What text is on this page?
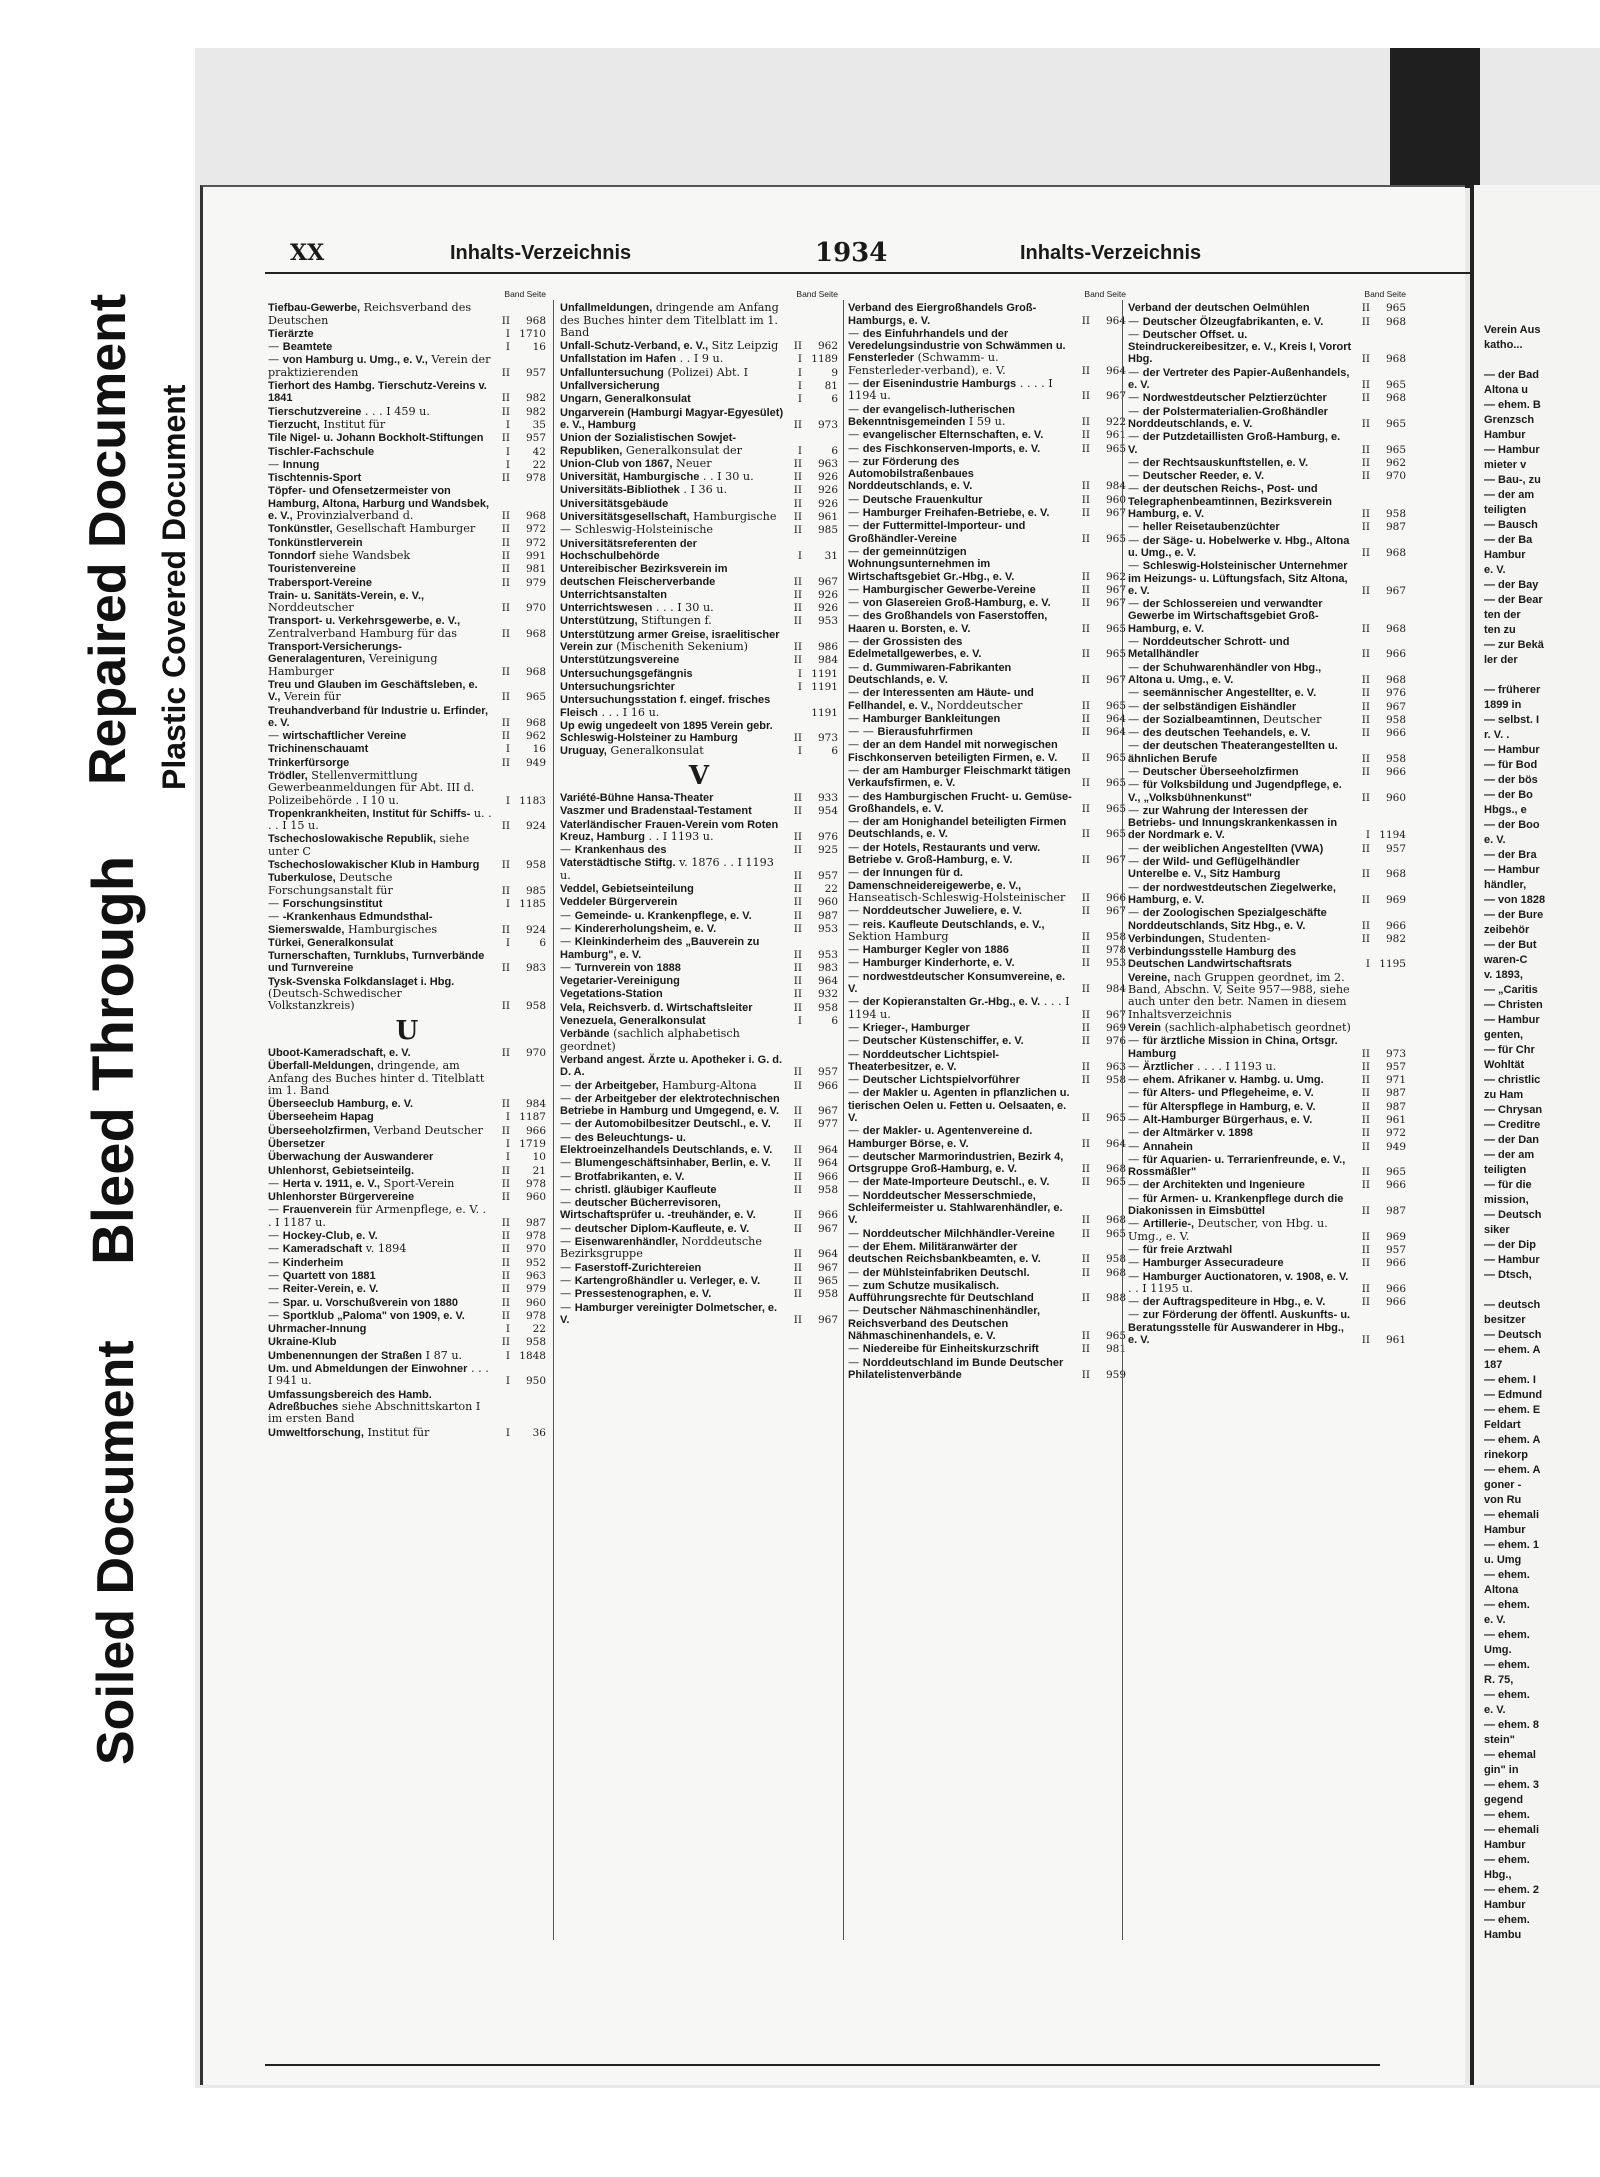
Soiled Document
Bleed Through
Repaired Document Plastic Covered Document
XX	Inhalts-Verzeichnis	1934	Inhalts-Verzeichnis
Band Seite
Tiefbau-Gewerbe, Reichsverband des Deutschen	II	968
Tierärzte	I 1710
— Beamtete	I	16
— von Hamburg u. Umg., e. V., Verein der praktizierenden	II	957
Tierhort des Hambg. Tierschutz-Vereins v. 1841	II	982
Tierschutzvereine . . . I 459 u.	II	982
Tierzucht, Institut für	I	35
Tile Nigel- u. Johann Bockholt-Stiftungen	II	957
Tischler-Fachschule	I	42
— Innung	I	22
Tischtennis-Sport	II	978
Töpfer- und Ofensetzermeister von Hamburg, Altona, Harburg und Wandsbek, e. V., Provinzialverband d.	II	968
Tonkünstler, Gesellschaft Hamburger	II	972
Tonkünstlerverein	II	972
Tonndorf siehe Wandsbek	II	991
Touristenvereine	II	981
Trabersport-Vereine	II	979
Train- u. Sanitäts-Verein, e. V., Norddeutscher	II	970
Transport- u. Verkehrsgewerbe, e. V., Zentralverband Hamburg für das	II	968
Transport-Versicherungs-Generalagenturen, Vereinigung Hamburger	II	968
Treu und Glauben im Geschäftsleben, e. V., Verein für	II	965
Treuhandverband für Industrie u. Erfinder, e. V.	II	968
— wirtschaftlicher Vereine	II	962
Trichinenschauamt	I	16
Trinkerfürsorge	II	949
Trödler, Stellenvermittlung Gewerbeanmeldungen für Abt. III d. Polizeibehörde . I 10 u.	I 1183
Tropenkrankheiten, Institut für Schiffs- u. . . . I 15 u.	II	924
Tschechoslowakische Republik, siehe unter C
Tschechoslowakischer Klub in Hamburg	II	958
Tuberkulose, Deutsche Forschungsanstalt für	II	985
— Forschungsinstitut	I 1185
— -Krankenhaus Edmundsthal-Siemerswalde, Hamburgisches	II	924
Türkei, Generalkonsulat	I	6
Turnerschaften, Turnklubs, Turnverbände und Turnvereine	II	983
Tysk-Svenska Folkdanslaget i. Hbg. (Deutsch-Schwedischer Volkstanzkreis)	II	958
U
Uboot-Kameradschaft, e. V.	II	970
Überfall-Meldungen, dringende, am Anfang des Buches hinter d. Titelblatt im 1. Band
Überseeclub Hamburg, e. V.	II	984
Überseeheim Hapag	I 1187
Überseeholzfirmen, Verband Deutscher	II	966
Übersetzer	I 1719
Überwachung der Auswanderer	I	10
Uhlenhorst, Gebietseinteilg.	II	21
— Herta v. 1911, e. V., Sport-Verein	II	978
Uhlenhorster Bürgervereine	II	960
— Frauenverein für Armenpflege, e. V. . . I 1187 u.	II	987
— Hockey-Club, e. V.	II	978
— Kameradschaft v. 1894	II	970
— Kinderheim	II	952
— Quartett von 1881	II	963
— Reiter-Verein, e. V.	II	979
— Spar. u. Vorschußverein von 1880	II	960
— Sportklub „Paloma" von 1909, e. V.	II	978
Uhrmacher-Innung	I	22
Ukraine-Klub	II	958
Umbenennungen der Straßen I 87 u.	I 1848
Um. und Abmeldungen der Einwohner . . . I 941 u.	I	950
Umfassungsbereich des Hamb. Adreßbuches siehe Abschnittskarton I im ersten Band
Umweltforschung, Institut für	I	36
Band Seite
Unfallmeldungen, dringende am Anfang des Buches hinter dem Titelblatt im 1. Band
Unfall-Schutz-Verband, e. V., Sitz Leipzig	II	962
Unfallstation im Hafen . . I 9 u.	I 1189
Unfalluntersuchung (Polizei) Abt. I	I	9
Unfallversicherung	I	81
Ungarn, Generalkonsulat	I	6
Ungarverein (Hamburgi Magyar-Egyesület) e. V., Hamburg	II	973
Union der Sozialistischen Sowjet-Republiken, Generalkonsulat der	I	6
Union-Club von 1867, Neuer	II	963
Universität, Hamburgische . . I 30 u.	II	926
Universitäts-Bibliothek . I 36 u.	II	926
Universitätsgebäude	II	926
Universitätsgesellschaft, Hamburgische	II	961
— Schleswig-Holsteinische	II	985
Universitätsreferenten der Hochschulbehörde	I	31
Untereibischer Bezirksverein im deutschen Fleischerverbande	II	967
Unterrichtsanstalten	II	926
Unterrichtswesen . . . I 30 u.	II	926
Unterstützung, Stiftungen f.	II	953
Unterstützung armer Greise, israelitischer Verein zur (Mischenith Sekenium)	II	986
Unterstützungsvereine	II	984
Untersuchungsgefängnis	I 1191
Untersuchungsrichter	I 1191
Untersuchungsstation f. eingef. frisches Fleisch . . . I 16 u.	1191
Up ewig ungedeelt von 1895 Verein gebr. Schleswig-Holsteiner zu Hamburg	II	973
Uruguay, Generalkonsulat	I	6
V
Variété-Bühne Hansa-Theater	II	933
Vaszmer und Bradenstaal-Testament	II	954
Vaterländischer Frauen-Verein vom Roten Kreuz, Hamburg . . I 1193 u.	II	976
— Krankenhaus des	II	925
Vaterstädtische Stiftg. v. 1876 . . I 1193 u.	II	957
Veddel, Gebietseinteilung	II	22
Veddeler Bürgerverein	II	960
— Gemeinde- u. Krankenpflege, e. V.	II	987
— Kindererholungsheim, e. V.	II	953
— Kleinkinderheim des „Bauverein zu Hamburg", e. V.	II	953
— Turnverein von 1888	II	983
Vegetarier-Vereinigung	II	964
Vegetations-Station	II	932
Vela, Reichsverb. d. Wirtschaftsleiter	II	958
Venezuela, Generalkonsulat	I	6
Verbände (sachlich alphabetisch geordnet)
Verband angest. Ärzte u. Apotheker i. G. d. D. A.	II	957
— der Arbeitgeber, Hamburg-Altona	II	966
— der Arbeitgeber der elektrotechnischen Betriebe in Hamburg und Umgegend, e. V.	II	967
— der Automobilbesitzer Deutschl., e. V.	II	977
— des Beleuchtungs- u. Elektroeinzelhandels Deutschlands, e. V.	II	964
— Blumengeschäftsinhaber, Berlin, e. V.	II	964
— Brotfabrikanten, e. V.	II	966
— christl. gläubiger Kaufleute	II	958
— deutscher Bücherrevisoren, Wirtschaftsprüfer u. -treuhänder, e. V.	II	966
— deutscher Diplom-Kaufleute, e. V.	II	967
— Eisenwarenhändler, Norddeutsche Bezirksgruppe	II	964
— Faserstoff-Zurichtereien	II	967
— Kartengroßhändler u. Verleger, e. V.	II	965
— Pressestenographen, e. V.	II	958
— Hamburger vereinigter Dolmetscher, e. V.	II	967
Band Seite
Verband des Eiergroßhandels Groß-Hamburgs, e. V.	II	964
— des Einfuhrhandels und der Veredelungsindustrie von Schwämmen u. Fensterleder (Schwamm- u. Fensterleder-verband), e. V.	II	964
— der Eisenindustrie Hamburgs . . . . I 1194 u.	II	967
— der evangelisch-lutherischen Bekenntnisgemeinden I 59 u.	II	922
— evangelischer Elternschaften, e. V.	II	961
— des Fischkonserven-Imports, e. V.	II	965
— zur Förderung des Automobilstraßenbaues Norddeutschlands, e. V.	II	984
— Deutsche Frauenkultur	II	960
— Hamburger Freihafen-Betriebe, e. V.	II	967
— der Futtermittel-Importeur- und Großhändler-Vereine	II	965
— der gemeinnützigen Wohnungsunternehmen im Wirtschaftsgebiet Gr.-Hbg., e. V.	II	962
— Hamburgischer Gewerbe-Vereine	II	967
— von Glasereien Groß-Hamburg, e. V.	II	967
— des Großhandels von Faserstoffen, Haaren u. Borsten, e. V.	II	965
— der Grossisten des Edelmetallgewerbes, e. V.	II	965
— d. Gummiwaren-Fabrikanten Deutschlands, e. V.	II	967
— der Interessenten am Häute- und Fellhandel, e. V., Norddeutscher	II	965
— Hamburger Bankleitungen	II	964
— — Bierausfuhrfirmen	II	964
— der an dem Handel mit norwegischen Fischkonserven beteiligten Firmen, e. V.	II	965
— der am Hamburger Fleischmarkt tätigen Verkaufsfirmen, e. V.	II	965
— des Hamburgischen Frucht- u. Gemüse-Großhandels, e. V.	II	965
— der am Honighandel beteiligten Firmen Deutschlands, e. V.	II	965
— der Hotels, Restaurants und verw. Betriebe v. Groß-Hamburg, e. V.	II	967
— der Innungen für d. Damenschneidereigewerbe, e. V., Hanseatisch-Schleswig-Holsteinischer	II	966
— Norddeutscher Juweliere, e. V.	II	967
— reis. Kaufleute Deutschlands, e. V., Sektion Hamburg	II	958
— Hamburger Kegler von 1886	II	978
— Hamburger Kinderhorte, e. V.	II	953
— nordwestdeutscher Konsumvereine, e. V.	II	984
— der Kopieranstalten Gr.-Hbg., e. V. . . . I 1194 u.	II	967
— Krieger-, Hamburger	II	969
— Deutscher Küstenschiffer, e. V.	II	976
— Norddeutscher Lichtspiel-Theaterbesitzer, e. V.	II	963
— Deutscher Lichtspielvorführer	II	958
— der Makler u. Agenten in pflanzlichen u. tierischen Oelen u. Fetten u. Oelsaaten, e. V.	II	965
— der Makler- u. Agentenvereine d. Hamburger Börse, e. V.	II	964
— deutscher Marmorindustrien, Bezirk 4, Ortsgruppe Groß-Hamburg, e. V.	II	968
— der Mate-Importeure Deutschl., e. V.	II	965
— Norddeutscher Messerschmiede, Schleifermeister u. Stahlwarenhändler, e. V.	II	968
— Norddeutscher Milchhändler-Vereine	II	965
— der Ehem. Militäranwärter der deutschen Reichsbankbeamten, e. V.	II	958
— der Mühlsteinfabriken Deutschl.	II	968
— zum Schutze musikalisch. Aufführungsrechte für Deutschland	II	988
— Deutscher Nähmaschinenhändler, Reichsverband des Deutschen Nähmaschinenhandels, e. V.	II	965
— Niedereibe für Einheitskurzschrift	II	981
— Norddeutschland im Bunde Deutscher Philatelistenverbände	II	959
Band Seite
Verband der deutschen Oelmühlen	II	965
— Deutscher Ölzeugfabrikanten, e. V.	II	968
— Deutscher Offset. u. Steindruckereibesitzer, e. V., Kreis I, Vorort Hbg.	II	968
— der Vertreter des Papier-Außenhandels, e. V.	II	965
— Nordwestdeutscher Pelztierzüchter	II	968
— der Polstermaterialien-Großhändler Norddeutschlands, e. V.	II	965
— der Putzdetaillisten Groß-Hamburg, e. V.	II	965
— der Rechtsauskunftstellen, e. V.	II	962
— Deutscher Reeder, e. V.	II	970
— der deutschen Reichs-, Post- und Telegraphenbeamtinnen, Bezirksverein Hamburg, e. V.	II	958
— heller Reisetaubenzüchter	II	987
— der Säge- u. Hobelwerke v. Hbg., Altona u. Umg., e. V.	II	968
— Schleswig-Holsteinischer Unternehmer im Heizungs- u. Lüftungsfach, Sitz Altona, e. V.	II	967
— der Schlossereien und verwandter Gewerbe im Wirtschaftsgebiet Groß-Hamburg, e. V.	II	968
— Norddeutscher Schrott- und Metallhändler	II	966
— der Schuhwarenhändler von Hbg., Altona u. Umg., e. V.	II	968
— seemännischer Angestellter, e. V.	II	976
— der selbständigen Eishändler	II	967
— der Sozialbeamtinnen, Deutscher	II	958
— des deutschen Teehandels, e. V.	II	966
— der deutschen Theaterangestellten u. ähnlichen Berufe	II	958
— Deutscher Überseeholzfirmen	II	966
— für Volksbildung und Jugendpflege, e. V., „Volksbühnenkunst"	II	960
— zur Wahrung der Interessen der Betriebs- und Innungskrankenkassen in der Nordmark e. V.	I 1194
— der weiblichen Angestellten (VWA)	II	957
— der Wild- und Geflügelhändler Unterelbe e. V., Sitz Hamburg	II	968
— der nordwestdeutschen Ziegelwerke, Hamburg, e. V.	II	969
— der Zoologischen Spezialgeschäfte Norddeutschlands, Sitz Hbg., e. V.	II	966
Verbindungen, Studenten-	II	982
Verbindungsstelle Hamburg des Deutschen Landwirtschaftsrats	I 1195
Vereine, nach Gruppen geordnet, im 2. Band, Abschn. V, Seite 957—988, siehe auch unter den betr. Namen in diesem Inhaltsverzeichnis
Verein (sachlich-alphabetisch geordnet)
— für ärztliche Mission in China, Ortsgr. Hamburg	II	973
— Ärztlicher . . . . I 1193 u.	II	957
— ehem. Afrikaner v. Hambg. u. Umg.	II	971
— für Alters- und Pflegeheime, e. V.	II	987
— für Alterspflege in Hamburg, e. V.	II	987
— Alt-Hamburger Bürgerhaus, e. V.	II	961
— der Altmärker v. 1898	II	972
— Annahein	II	949
— für Aquarien- u. Terrarienfreunde, e. V., Rossmäßler"	II	965
— der Architekten und Ingenieure	II	966
— für Armen- u. Krankenpflege durch die Diakonissen in Eimsbüttel	II	987
— Artillerie-, Deutscher, von Hbg. u. Umg., e. V.	II	969
— für freie Arztwahl	II	957
— Hamburger Assecuradeure	II	966
— Hamburger Auctionatoren, v. 1908, e. V. . . I 1195 u.	II	966
— der Auftragspediteure in Hbg., e. V.	II	966
— zur Förderung der öffentl. Auskunfts- u. Beratungsstelle für Auswanderer in Hbg., e. V.	II	961
Verein Aus
katho...

— der Bad
Altona u
— ehem. B
Grenzsch
Hambur
— Hambur
mieter v
— Bau-, zu
— der am
teiligten
— Bausch
— der Ba
Hambur
e. V.
— der Bay
— der Bear
ten der
ten zu
— zur Bekä
ler der

— früherer
1899 in
— selbst. I
r. V. .
— Hambur
— für Bod
— der bös
— der Bo
Hbgs., e
— der Boo
e. V.
— der Bra
— Hambur
händler,
— von 1828
— der Bure
zeibehör
— der But
waren-C
v. 1893,
— „Caritis
— Christen
— Hambur
genten,
— für Chr
Wohltät
— christlic
zu Ham
— Chrysan
— Creditre
— der Dan
— der am
teiligten
— für die
mission,
— Deutsch
siker
— der Dip
— Hambur
— Dtsch,

— deutsch
besitzer
— Deutsch
— ehem. A
187
— ehem. I
— Edmund
— ehem. E
Feldart
— ehem. A
rinekorp
— ehem. A
goner -
von Ru
— ehemali
Hambur
— ehem. 1
u. Umg
— ehem.
Altona
— ehem.
e. V.
— ehem.
Umg.
— ehem.
R. 75,
— ehem.
e. V.
— ehem. 8
stein"
— ehemal
gin" in
— ehem. 3
gegend
— ehem.
— ehemali
Hambur
— ehem.
Hbg.,
— ehem. 2
Hambur
— ehem.
Hambu
